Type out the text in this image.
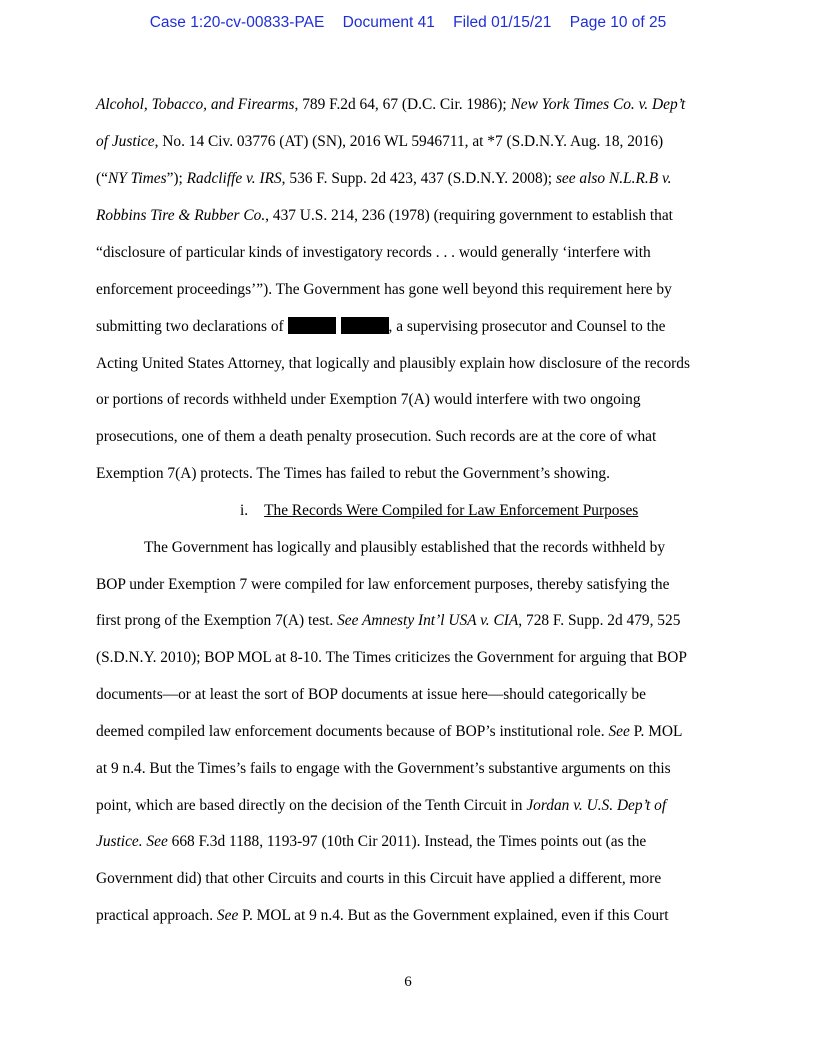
Case 1:20-cv-00833-PAE Document 41 Filed 01/15/21 Page 10 of 25
Alcohol, Tobacco, and Firearms, 789 F.2d 64, 67 (D.C. Cir. 1986); New York Times Co. v. Dep’t
of Justice, No. 14 Civ. 03776 (AT) (SN), 2016 WL 5946711, at *7 (S.D.N.Y. Aug. 18, 2016)
(“NY Times”); Radcliffe v. IRS, 536 F. Supp. 2d 423, 437 (S.D.N.Y. 2008); see also N.L.R.B v.
Robbins Tire & Rubber Co., 437 U.S. 214, 236 (1978) (requiring government to establish that
“disclosure of particular kinds of investigatory records . . . would generally ‘interfere with
enforcement proceedings’”). The Government has gone well beyond this requirement here by
submitting two declarations of	, a supervising prosecutor and Counsel to the
Acting United States Attorney, that logically and plausibly explain how disclosure of the records
or portions of records withheld under Exemption 7(A) would interfere with two ongoing
prosecutions, one of them a death penalty prosecution. Such records are at the core of what
Exemption 7(A) protects. The Times has failed to rebut the Government’s showing.
i. The Records Were Compiled for Law Enforcement Purposes
The Government has logically and plausibly established that the records withheld by
BOP under Exemption 7 were compiled for law enforcement purposes, thereby satisfying the
first prong of the Exemption 7(A) test. See Amnesty Int’l USA v. CIA, 728 F. Supp. 2d 479, 525
(S.D.N.Y. 2010); BOP MOL at 8-10. The Times criticizes the Government for arguing that BOP
documents—or at least the sort of BOP documents at issue here—should categorically be
deemed compiled law enforcement documents because of BOP’s institutional role. See P. MOL
at 9 n.4. But the Times’s fails to engage with the Government’s substantive arguments on this
point, which are based directly on the decision of the Tenth Circuit in Jordan v. U.S. Dep’t of
Justice. See 668 F.3d 1188, 1193-97 (10th Cir 2011). Instead, the Times points out (as the
Government did) that other Circuits and courts in this Circuit have applied a different, more
practical approach. See P. MOL at 9 n.4. But as the Government explained, even if this Court
6
